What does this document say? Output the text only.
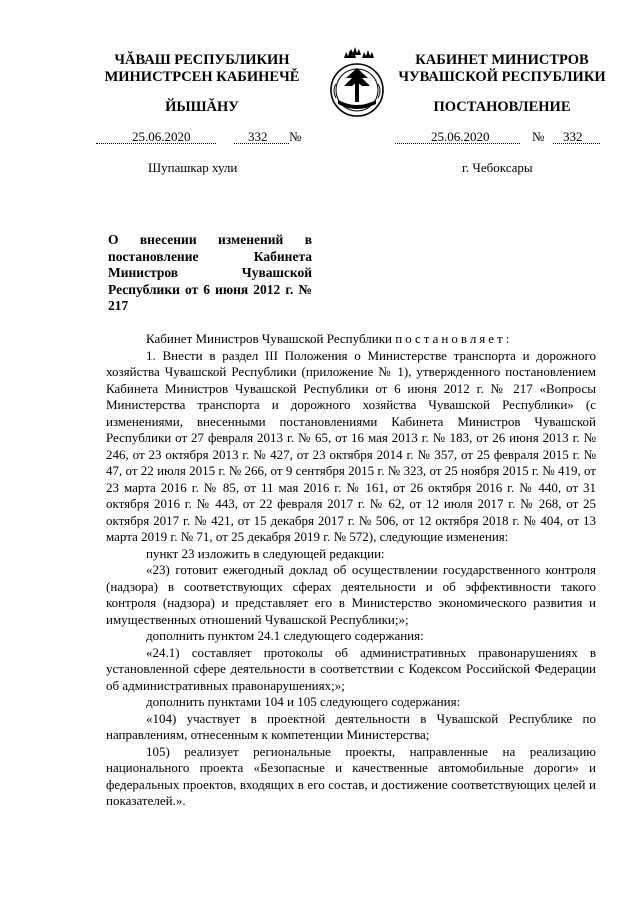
ЧĂВАШ РЕСПУБЛИКИН
МИНИСТРСЕН КАБИНЕЧĚ
ЙЫШĂНУ
КАБИНЕТ МИНИСТРОВ
ЧУВАШСКОЙ РЕСПУБЛИКИ
ПОСТАНОВЛЕНИЕ
25.06.2020	332 №	25.06.2020	№ 332
Шупашкар хули	г. Чебоксары
О внесении изменений в постановление Кабинета Министров Чувашской Республики от 6 июня 2012 г. № 217

Кабинет Министров Чувашской Республики постановляет:

1. Внести в раздел III Положения о Министерстве транспорта и дорожного хозяйства Чувашской Республики (приложение № 1), утвержденного постановлением Кабинета Министров Чувашской Республики от 6 июня 2012 г. № 217 «Вопросы Министерства транспорта и дорожного хозяйства Чувашской Республики» (с изменениями, внесенными постановлениями Кабинета Министров Чувашской Республики от 27 февраля 2013 г. № 65, от 16 мая 2013 г. № 183, от 26 июня 2013 г. № 246, от 23 октября 2013 г. № 427, от 23 октября 2014 г. № 357, от 25 февраля 2015 г. № 47, от 22 июля 2015 г. № 266, от 9 сентября 2015 г. № 323, от 25 ноября 2015 г. № 419, от 23 марта 2016 г. № 85, от 11 мая 2016 г. № 161, от 26 октября 2016 г. № 440, от 31 октября 2016 г. № 443, от 22 февраля 2017 г. № 62, от 12 июля 2017 г. № 268, от 25 октября 2017 г. № 421, от 15 декабря 2017 г. № 506, от 12 октября 2018 г. № 404, от 13 марта 2019 г. № 71, от 25 декабря 2019 г. № 572), следующие изменения:

пункт 23 изложить в следующей редакции:

«23) готовит ежегодный доклад об осуществлении государственного контроля (надзора) в соответствующих сферах деятельности и об эффективности такого контроля (надзора) и представляет его в Министерство экономического развития и имущественных отношений Чувашской Республики;»;

дополнить пунктом 24.1 следующего содержания:

«24.1) составляет протоколы об административных правонарушениях в установленной сфере деятельности в соответствии с Кодексом Российской Федерации об административных правонарушениях;»;

дополнить пунктами 104 и 105 следующего содержания:

«104) участвует в проектной деятельности в Чувашской Республике по направлениям, отнесенным к компетенции Министерства;

105) реализует региональные проекты, направленные на реализацию национального проекта «Безопасные и качественные автомобильные дороги» и федеральных проектов, входящих в его состав, и достижение соответствующих целей и показателей.».
